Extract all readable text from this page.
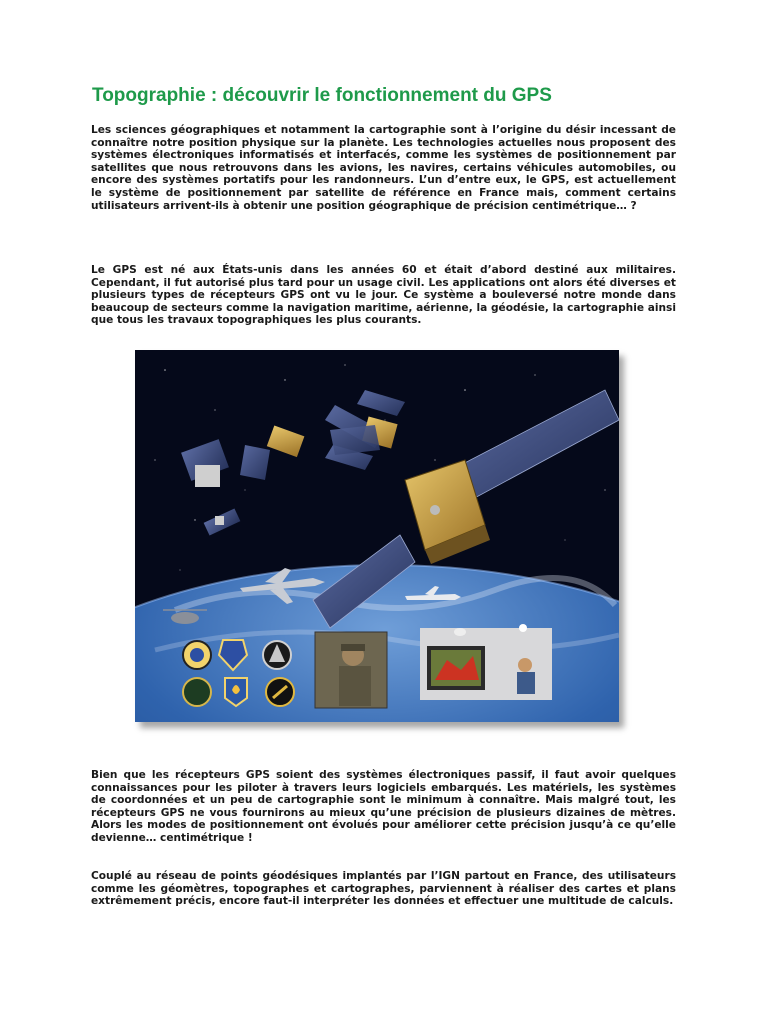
Topographie : découvrir le fonctionnement du GPS

Les sciences géographiques et notamment la cartographie sont à l’origine du désir incessant de connaître notre position physique sur la planète. Les technologies actuelles nous proposent des systèmes électroniques informatisés et interfacés, comme les systèmes de positionnement par satellites que nous retrouvons dans les avions, les navires, certains véhicules automobiles, ou encore des systèmes portatifs pour les randonneurs. L’un d’entre eux, le GPS, est actuellement le système de positionnement par satellite de référence en France mais, comment certains utilisateurs arrivent-ils à obtenir une position géographique de précision centimétrique… ?

Le GPS est né aux États-unis dans les années 60 et était d’abord destiné aux militaires. Cependant, il fut autorisé plus tard pour un usage civil. Les applications ont alors été diverses et plusieurs types de récepteurs GPS ont vu le jour. Ce système a bouleversé notre monde dans beaucoup de secteurs comme la navigation maritime, aérienne, la géodésie, la cartographie ainsi que tous les travaux topographiques les plus courants.

Bien que les récepteurs GPS soient des systèmes électroniques passif, il faut avoir quelques connaissances pour les piloter à travers leurs logiciels embarqués. Les matériels, les systèmes de coordonnées et un peu de cartographie sont le minimum à connaître. Mais malgré tout, les récepteurs GPS ne vous fournirons au mieux qu’une précision de plusieurs dizaines de mètres. Alors les modes de positionnement ont évolués pour améliorer cette précision jusqu’à ce qu’elle devienne… centimétrique !

Couplé au réseau de points géodésiques implantés par l’IGN partout en France, des utilisateurs comme les géomètres, topographes et cartographes, parviennent à réaliser des cartes et plans extrêmement précis, encore faut-il interpréter les données et effectuer une multitude de calculs.
